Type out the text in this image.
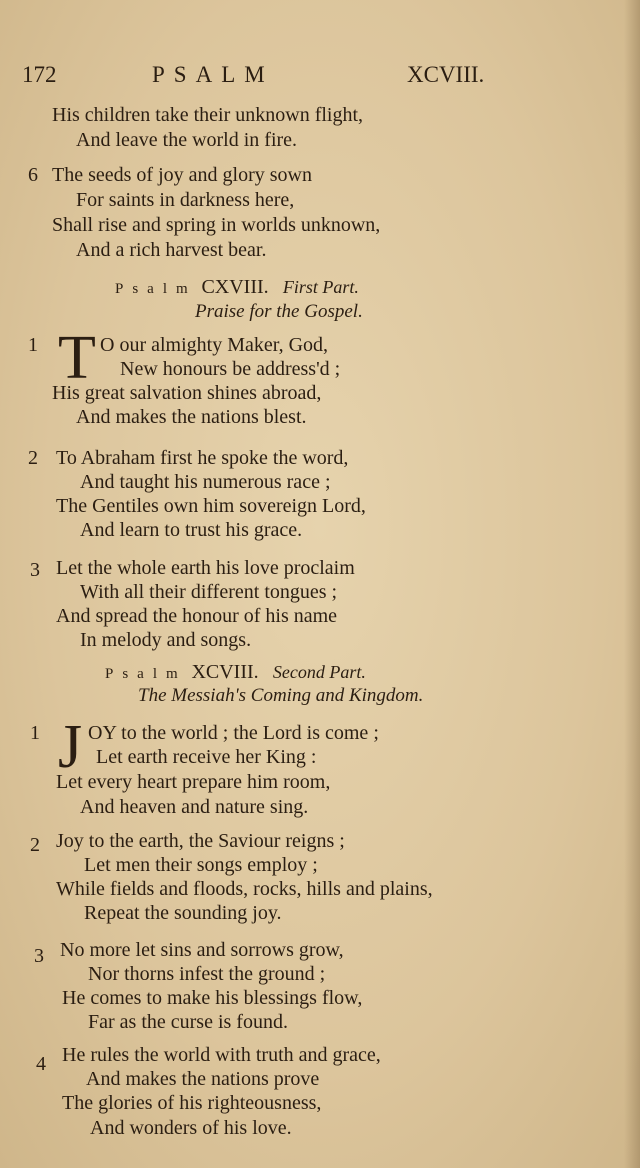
172	PSALM	XCVIII.
His children take their unknown flight,
And leave the world in fire.
6 The seeds of joy and glory sown
For saints in darkness here,
Shall rise and spring in worlds unknown,
And a rich harvest bear.
Psalm CXVIII. First Part.
Praise for the Gospel.
1 T O our almighty Maker, God,
New honours be address'd ;
His great salvation shines abroad,
And makes the nations blest.
2 To Abraham first he spoke the word,
And taught his numerous race ;
The Gentiles own him sovereign Lord,
And learn to trust his grace.
3 Let the whole earth his love proclaim
With all their different tongues ;
And spread the honour of his name
In melody and songs.
Psalm XCVIII. Second Part.
The Messiah's Coming and Kingdom.
1 J OY to the world ; the Lord is come ;
Let earth receive her King :
Let every heart prepare him room,
And heaven and nature sing.
2 Joy to the earth, the Saviour reigns ;
Let men their songs employ ;
While fields and floods, rocks, hills and plains,
Repeat the sounding joy.
3 No more let sins and sorrows grow,
Nor thorns infest the ground ;
He comes to make his blessings flow,
Far as the curse is found.
4 He rules the world with truth and grace,
And makes the nations prove
The glories of his righteousness,
And wonders of his love.
